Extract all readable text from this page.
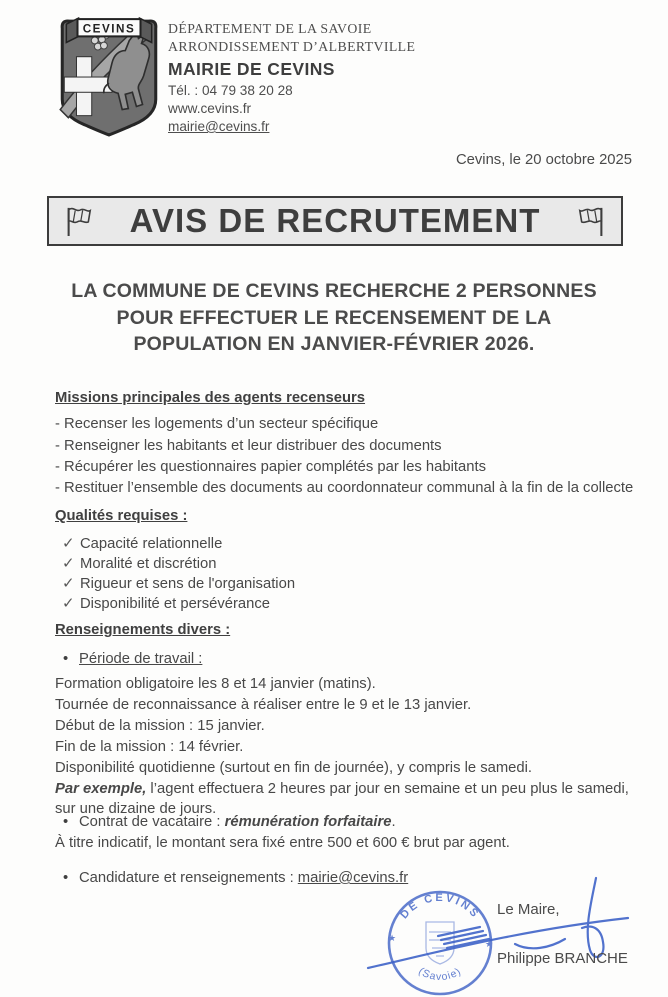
CEVINS DÉPARTEMENT DE LA SAVOIE
ARRONDISSEMENT D’ALBERTVILLE
MAIRIE DE CEVINS
Tél. : 04 79 38 20 28
www.cevins.fr
mairie@cevins.fr
Cevins, le 20 octobre 2025
AVIS DE RECRUTEMENT
LA COMMUNE DE CEVINS RECHERCHE 2 PERSONNES
POUR EFFECTUER LE RECENSEMENT DE LA
POPULATION EN JANVIER-FÉVRIER 2026.
Missions principales des agents recenseurs
- Recenser les logements d’un secteur spécifique
- Renseigner les habitants et leur distribuer des documents
- Récupérer les questionnaires papier complétés par les habitants
- Restituer l’ensemble des documents au coordonnateur communal à la fin de la collecte
Qualités requises :
✓ Capacité relationnelle
✓ Moralité et discrétion
✓ Rigueur et sens de l'organisation
✓ Disponibilité et persévérance
Renseignements divers :
• Période de travail :
Formation obligatoire les 8 et 14 janvier (matins).
Tournée de reconnaissance à réaliser entre le 9 et le 13 janvier.
Début de la mission : 15 janvier.
Fin de la mission : 14 février.
Disponibilité quotidienne (surtout en fin de journée), y compris le samedi.
Par exemple, l’agent effectuera 2 heures par jour en semaine et un peu plus le samedi, sur une dizaine de jours.
• Contrat de vacataire : rémunération forfaitaire.
À titre indicatif, le montant sera fixé entre 500 et 600 € brut par agent.
• Candidature et renseignements : mairie@cevins.fr
DE CEVINS
(Savoie)
★
★
Le Maire,
Philippe BRANCHE
